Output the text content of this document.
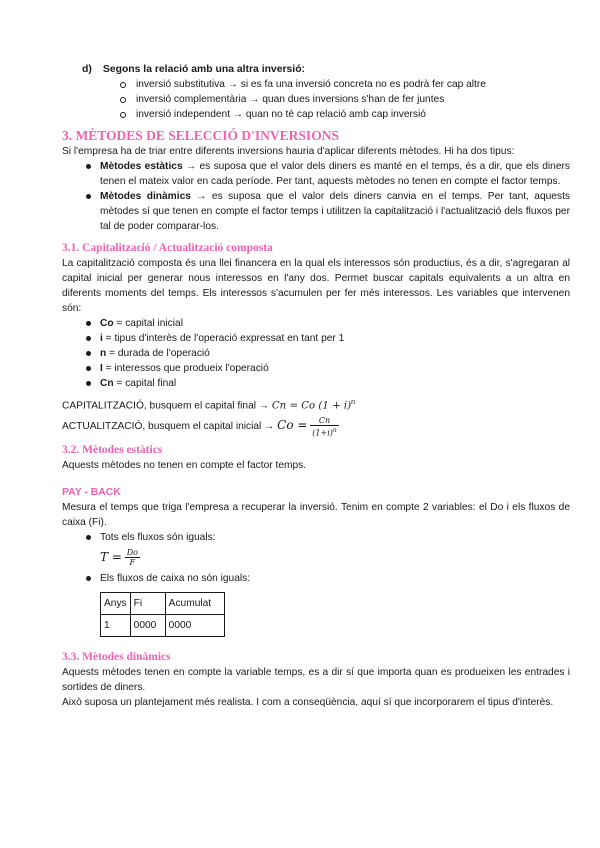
d) Segons la relació amb una altra inversió:
inversió substitutiva → si es fa una inversió concreta no es podrà fer cap altre
inversió complementària → quan dues inversions s'han de fer juntes
inversió independent → quan no té cap relació amb cap inversió
3. MÈTODES DE SELECCIÓ D'INVERSIONS

Si l'empresa ha de triar entre diferents inversions hauria d'aplicar diferents mètodes. Hi ha dos tipus:

Mètodes estàtics → es suposa que el valor dels diners es manté en el temps, és a dir, que els diners tenen el mateix valor en cada període. Per tant, aquests mètodes no tenen en compte el factor temps.
Mètodes dinàmics → es suposa que el valor dels diners canvia en el temps. Per tant, aquests mètodes sí que tenen en compte el factor temps i utilitzen la capitalització i l'actualització dels fluxos per tal de poder comparar-los.
3.1. Capitalització / Actualització composta

La capitalització composta és una llei financera en la qual els interessos són productius, és a dir, s'agregaran al capital inicial per generar nous interessos en l'any dos. Permet buscar capitals equivalents a un altra en diferents moments del temps. Els interessos s'acumulen per fer més interessos. Les variables que intervenen són:

Co = capital inicial
i = tipus d'interès de l'operació expressat en tant per 1
n = durada de l'operació
I = interessos que produeix l'operació
Cn = capital final

CAPITALITZACIÓ, busquem el capital final → Cn = Co $(1 + i)^n$

ACTUALITZACIÓ, busquem el capital inicial → $Co = \frac{Cn}{(1+i)^n}$

3.2. Mètodes estàtics

Aquests mètodes no tenen en compte el factor temps.

PAY - BACK

Mesura el temps que triga l'empresa a recuperar la inversió. Tenim en compte 2 variables: el Do i els fluxos de caixa (Fi).

Tots els fluxos són iguals:

$T = \frac{Do}{F}$

Els fluxos de caixa no són iguals:
Anys	Fi	Acumulat
1	0000	0000
3.3. Mètodes dinàmics

Aquests mètodes tenen en compte la variable temps, es a dir sí que importa quan es produeixen les entrades i sortides de diners.

Això suposa un plantejament més realista. I com a conseqüència, aquí sí que incorporarem el tipus d'interès.
